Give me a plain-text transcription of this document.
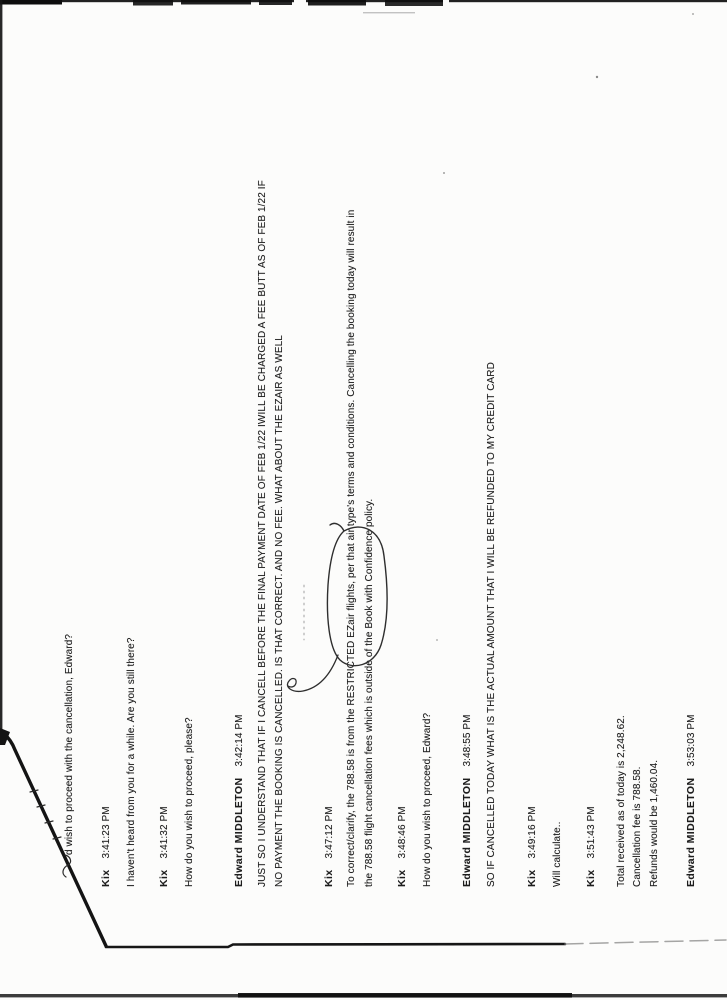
d wish to proceed with the cancellation, Edward?
Kix3:41:23 PM I haven't heard from you for a while. Are you still there? Kix3:41:32 PM How do you wish to proceed, please?	Edward MIDDLETON3:42:14 PM JUST SO I UNDERSTAND THAT IF I CANCELL BEFORE THE FINAL PAYMENT DATE OF FEB 1/22 IWILL BE CHARGED A FEE BUTT AS OF FEB 1/22 IF NO PAYMENT THE BOOKING IS CANCELLED. IS THAT CORRECT. AND NO FEE. WHAT ABOUT THE EZAIR AS WELL	Kix3:47:12 PM To correct/clarify, the 788.58 is from the RESTRICTED EZair flights, per that air type's terms and conditions. Cancelling the booking today will result in the 788.58 flight cancellation fees which is outside of the Book with Confidence policy. Kix3:48:46 PM How do you wish to proceed, Edward?	Edward MIDDLETON3:48:55 PM SO IF CANCELLED TODAY WHAT IS THE ACTUAL AMOUNT THAT I WILL BE REFUNDED TO MY CREDIT CARD	Kix3:49:16 PM Will calculate.. Kix3:51:43 PM Total received as of today is 2,248.62. Cancellation fee is 788.58. Refunds would be 1,460.04. Edward MIDDLETON3:53:03 PM
